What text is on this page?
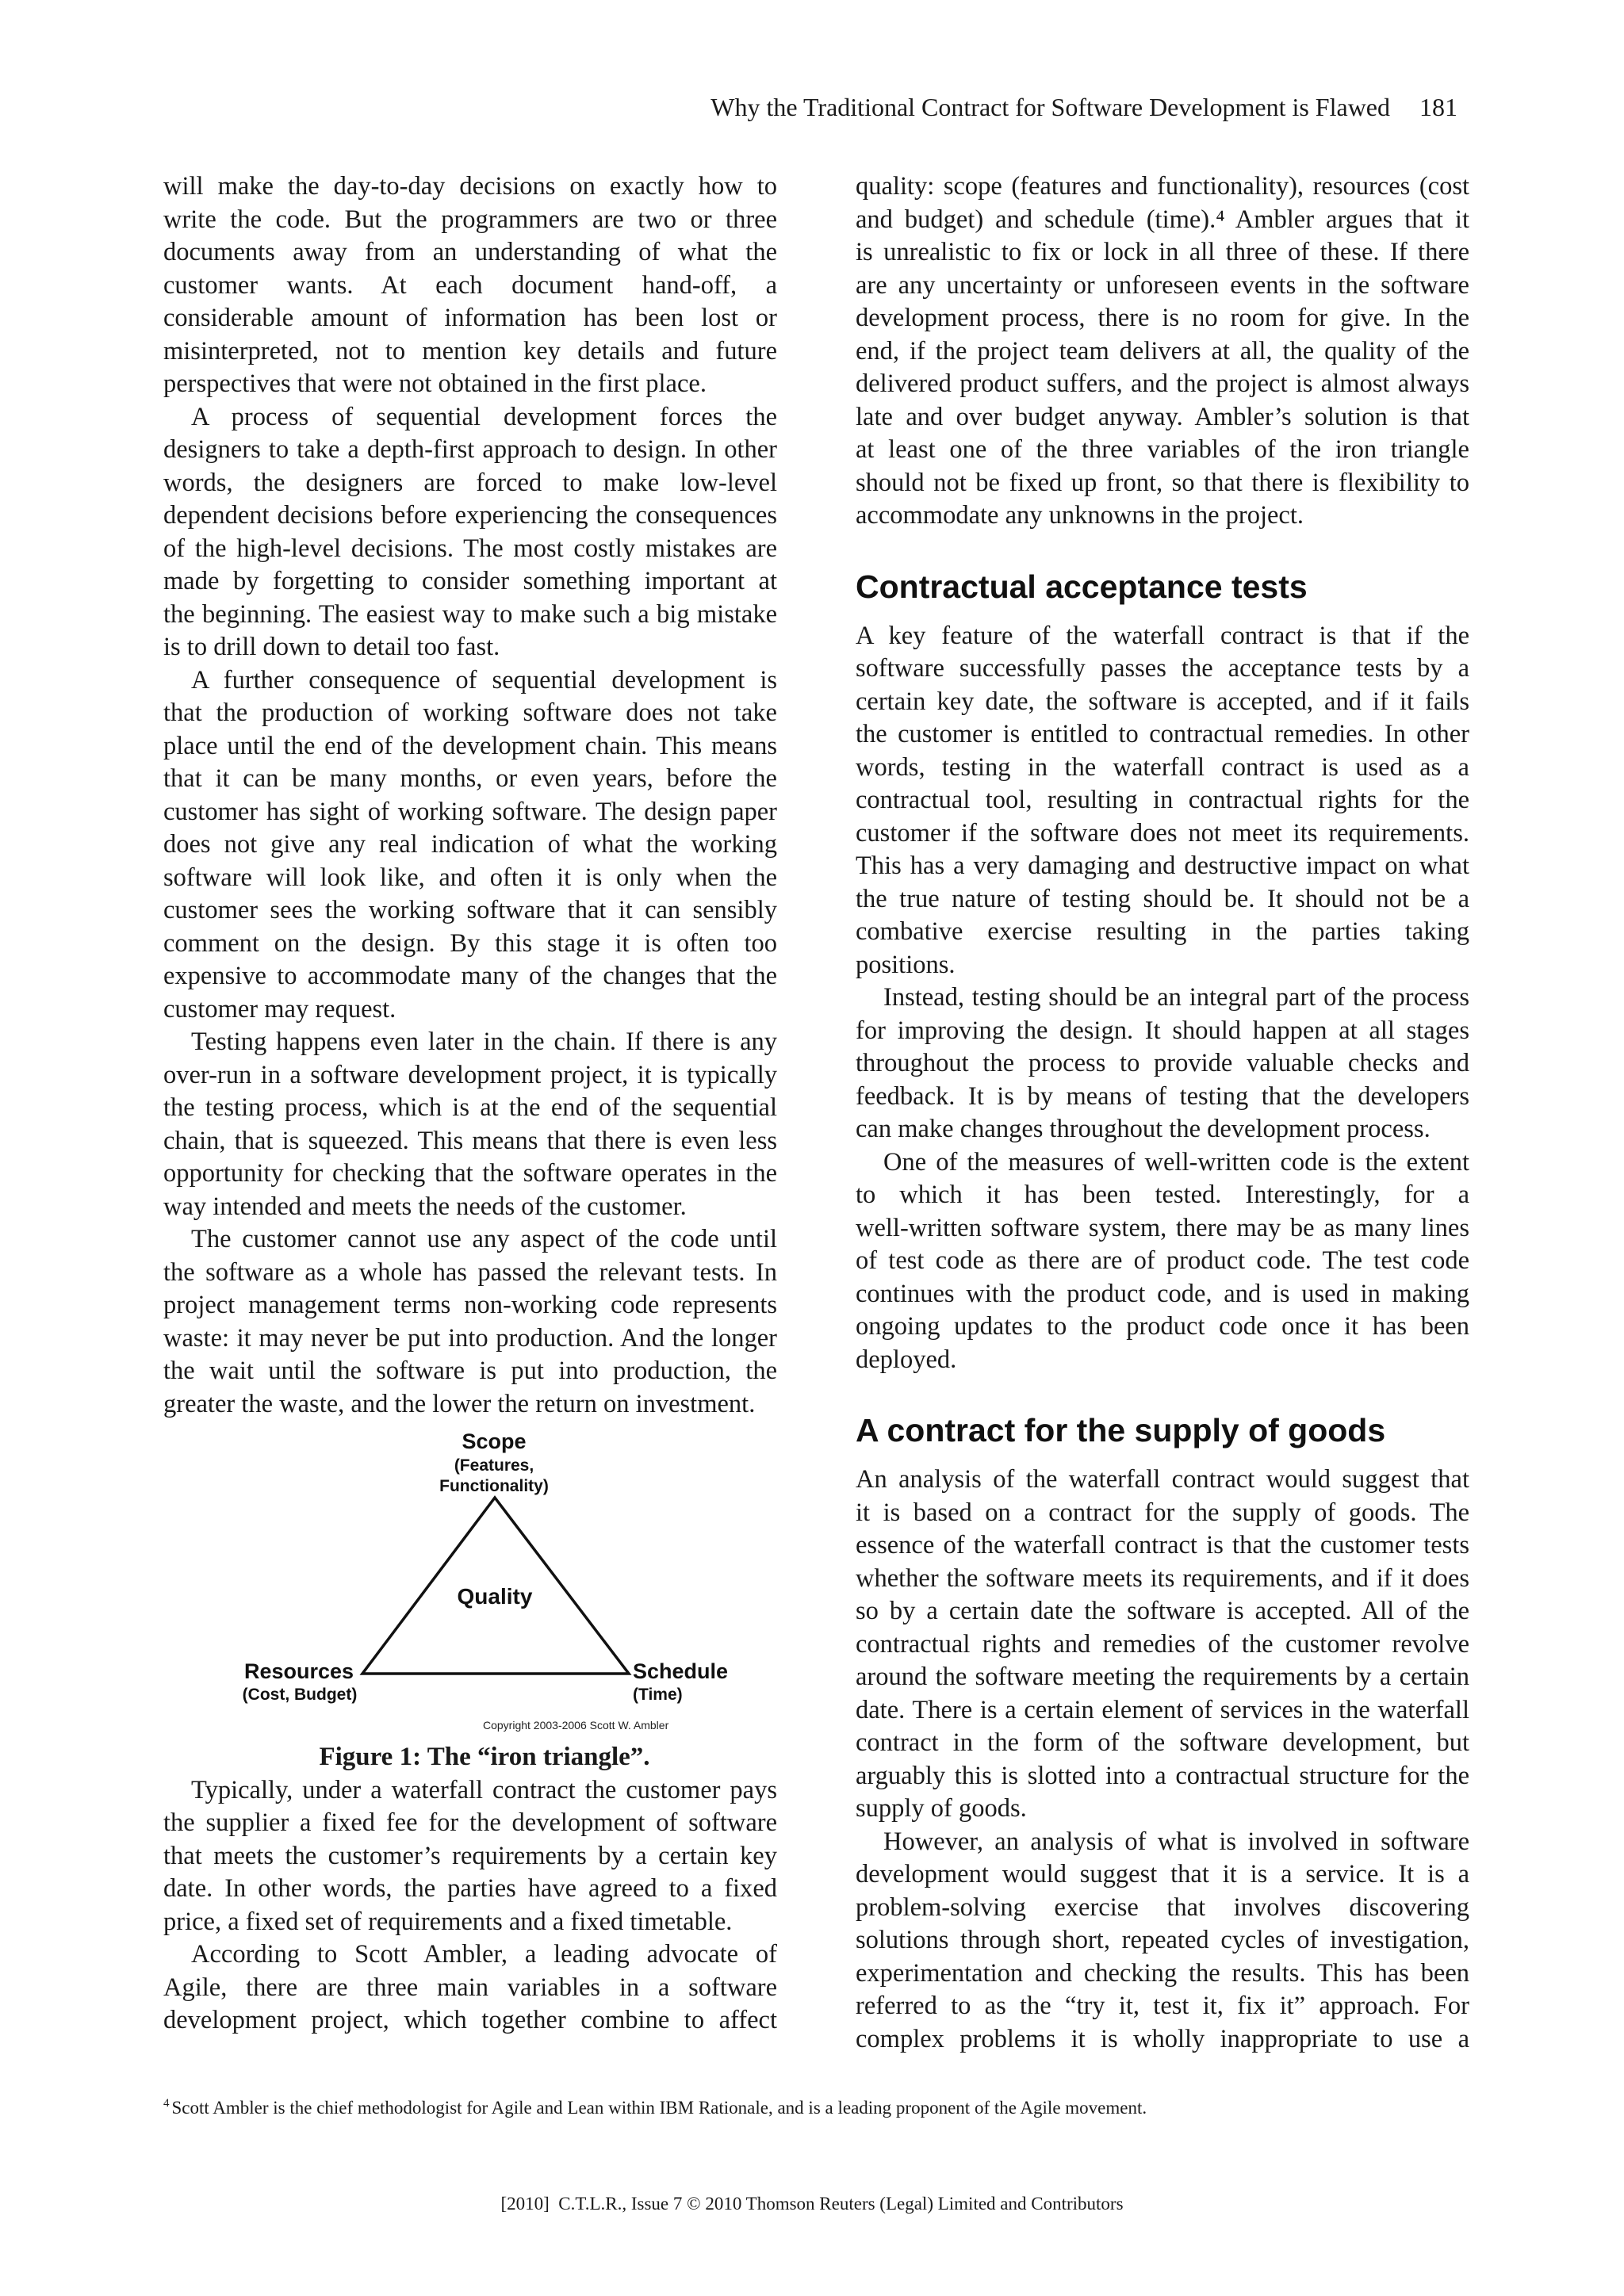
Why the Traditional Contract for Software Development is Flawed 181
will make the day-to-day decisions on exactly how to
write the code. But the programmers are two or three
documents away from an understanding of what the
customer wants. At each document hand-off, a
considerable amount of information has been lost or
misinterpreted, not to mention key details and future
perspectives that were not obtained in the first place.
A process of sequential development forces the
designers to take a depth-first approach to design. In other
words, the designers are forced to make low-level
dependent decisions before experiencing the consequences
of the high-level decisions. The most costly mistakes are
made by forgetting to consider something important at
the beginning. The easiest way to make such a big mistake
is to drill down to detail too fast.
A further consequence of sequential development is
that the production of working software does not take
place until the end of the development chain. This means
that it can be many months, or even years, before the
customer has sight of working software. The design paper
does not give any real indication of what the working
software will look like, and often it is only when the
customer sees the working software that it can sensibly
comment on the design. By this stage it is often too
expensive to accommodate many of the changes that the
customer may request.
Testing happens even later in the chain. If there is any
over-run in a software development project, it is typically
the testing process, which is at the end of the sequential
chain, that is squeezed. This means that there is even less
opportunity for checking that the software operates in the
way intended and meets the needs of the customer.
The customer cannot use any aspect of the code until
the software as a whole has passed the relevant tests. In
project management terms non-working code represents
waste: it may never be put into production. And the longer
the wait until the software is put into production, the
greater the waste, and the lower the return on investment.
Scope
(Features,
Functionality)
Quality
Resources
(Cost, Budget)
Schedule
(Time)
Copyright 2003-2006 Scott W. Ambler
Figure 1: The “iron triangle”.
Typically, under a waterfall contract the customer pays
the supplier a fixed fee for the development of software
that meets the customer’s requirements by a certain key
date. In other words, the parties have agreed to a fixed
price, a fixed set of requirements and a fixed timetable.
According to Scott Ambler, a leading advocate of
Agile, there are three main variables in a software
development project, which together combine to affect
quality: scope (features and functionality), resources (cost
and budget) and schedule (time).⁴ Ambler argues that it
is unrealistic to fix or lock in all three of these. If there
are any uncertainty or unforeseen events in the software
development process, there is no room for give. In the
end, if the project team delivers at all, the quality of the
delivered product suffers, and the project is almost always
late and over budget anyway. Ambler’s solution is that
at least one of the three variables of the iron triangle
should not be fixed up front, so that there is flexibility to
accommodate any unknowns in the project.
Contractual acceptance tests
A key feature of the waterfall contract is that if the
software successfully passes the acceptance tests by a
certain key date, the software is accepted, and if it fails
the customer is entitled to contractual remedies. In other
words, testing in the waterfall contract is used as a
contractual tool, resulting in contractual rights for the
customer if the software does not meet its requirements.
This has a very damaging and destructive impact on what
the true nature of testing should be. It should not be a
combative exercise resulting in the parties taking
positions.
Instead, testing should be an integral part of the process
for improving the design. It should happen at all stages
throughout the process to provide valuable checks and
feedback. It is by means of testing that the developers
can make changes throughout the development process.
One of the measures of well-written code is the extent
to which it has been tested. Interestingly, for a
well-written software system, there may be as many lines
of test code as there are of product code. The test code
continues with the product code, and is used in making
ongoing updates to the product code once it has been
deployed.
A contract for the supply of goods
An analysis of the waterfall contract would suggest that
it is based on a contract for the supply of goods. The
essence of the waterfall contract is that the customer tests
whether the software meets its requirements, and if it does
so by a certain date the software is accepted. All of the
contractual rights and remedies of the customer revolve
around the software meeting the requirements by a certain
date. There is a certain element of services in the waterfall
contract in the form of the software development, but
arguably this is slotted into a contractual structure for the
supply of goods.
However, an analysis of what is involved in software
development would suggest that it is a service. It is a
problem-solving exercise that involves discovering
solutions through short, repeated cycles of investigation,
experimentation and checking the results. This has been
referred to as the “try it, test it, fix it” approach. For
complex problems it is wholly inappropriate to use a
$^4$ Scott Ambler is the chief methodologist for Agile and Lean within IBM Rationale, and is a leading proponent of the Agile movement.
[2010]  C.T.L.R., Issue 7 © 2010 Thomson Reuters (Legal) Limited and Contributors
